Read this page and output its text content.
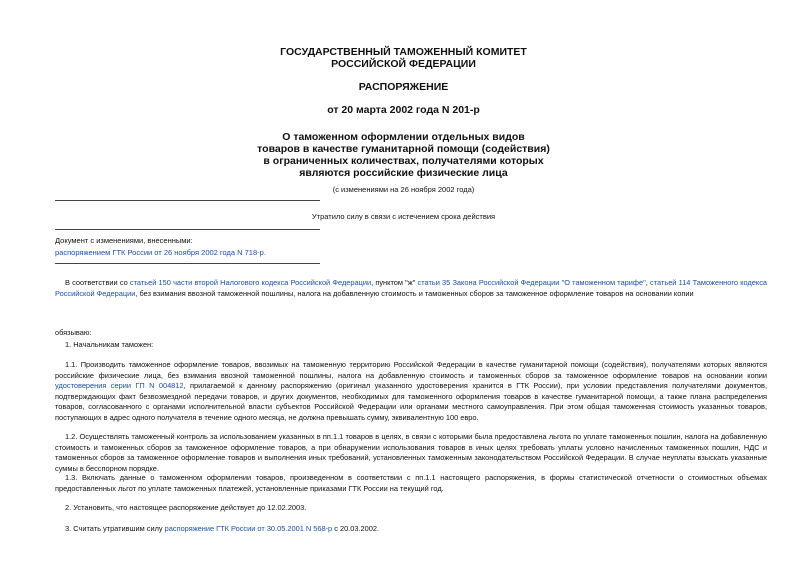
ГОСУДАРСТВЕННЫЙ ТАМОЖЕННЫЙ КОМИТЕТ
РОССИЙСКОЙ ФЕДЕРАЦИИ
РАСПОРЯЖЕНИЕ
от 20 марта 2002 года N 201-р
О таможенном оформлении отдельных видов
товаров в качестве гуманитарной помощи (содействия)
в ограниченных количествах, получателями которых
являются российские физические лица
(с изменениями на 26 ноября 2002 года)
Утратило силу в связи с истечением срока действия
Документ с изменениями, внесенными:
распоряжением ГТК России от 26 ноября 2002 года N 718-р.
В соответствии со статьей 150 части второй Налогового кодекса Российской Федерации, пунктом "ж" статьи 35 Закона Российской Федерации "О таможенном тарифе", статьей 114 Таможенного кодекса Российской Федерации, без взимания ввозной таможенной пошлины, налога на добавленную стоимость и таможенных сборов за таможенное оформление товаров на основании копии
обязываю:
1. Начальникам таможен:
1.1. Производить таможенное оформление товаров, ввозимых на таможенную территорию Российской Федерации в качестве гуманитарной помощи (содействия), получателями которых являются российские физические лица, без взимания ввозной таможенной пошлины, налога на добавленную стоимость и таможенных сборов за таможенное оформление товаров на основании копии удостоверения серии ГП N 004812, прилагаемой к данному распоряжению (оригинал указанного удостоверения хранится в ГТК России), при условии представления получателями документов, подтверждающих факт безвозмездной передачи товаров, и других документов, необходимых для таможенного оформления товаров в качестве гуманитарной помощи, а также плана распределения товаров, согласованного с органами исполнительной власти субъектов Российской Федерации или органами местного самоуправления. При этом общая таможенная стоимость указанных товаров, поступающих в адрес одного получателя в течение одного месяца, не должна превышать сумму, эквивалентную 100 евро.
1.2. Осуществлять таможенный контроль за использованием указанных в пп.1.1 товаров в целях, в связи с которыми была предоставлена льгота по уплате таможенных пошлин, налога на добавленную стоимость и таможенных сборов за таможенное оформление товаров, а при обнаружении использования товаров в иных целях требовать уплаты условно начисленных таможенных пошлин, НДС и таможенных сборов за таможенное оформление товаров и выполнения иных требований, установленных таможенным законодательством Российской Федерации. В случае неуплаты взыскать указанные суммы в бесспорном порядке.
1.3. Включать данные о таможенном оформлении товаров, произведенном в соответствии с пп.1.1 настоящего распоряжения, в формы статистической отчетности о стоимостных объемах предоставленных льгот по уплате таможенных платежей, установленные приказами ГТК России на текущий год.
2. Установить, что настоящее распоряжение действует до 12.02.2003.
3. Считать утратившим силу распоряжение ГТК России от 30.05.2001 N 568-р с 20.03.2002.
